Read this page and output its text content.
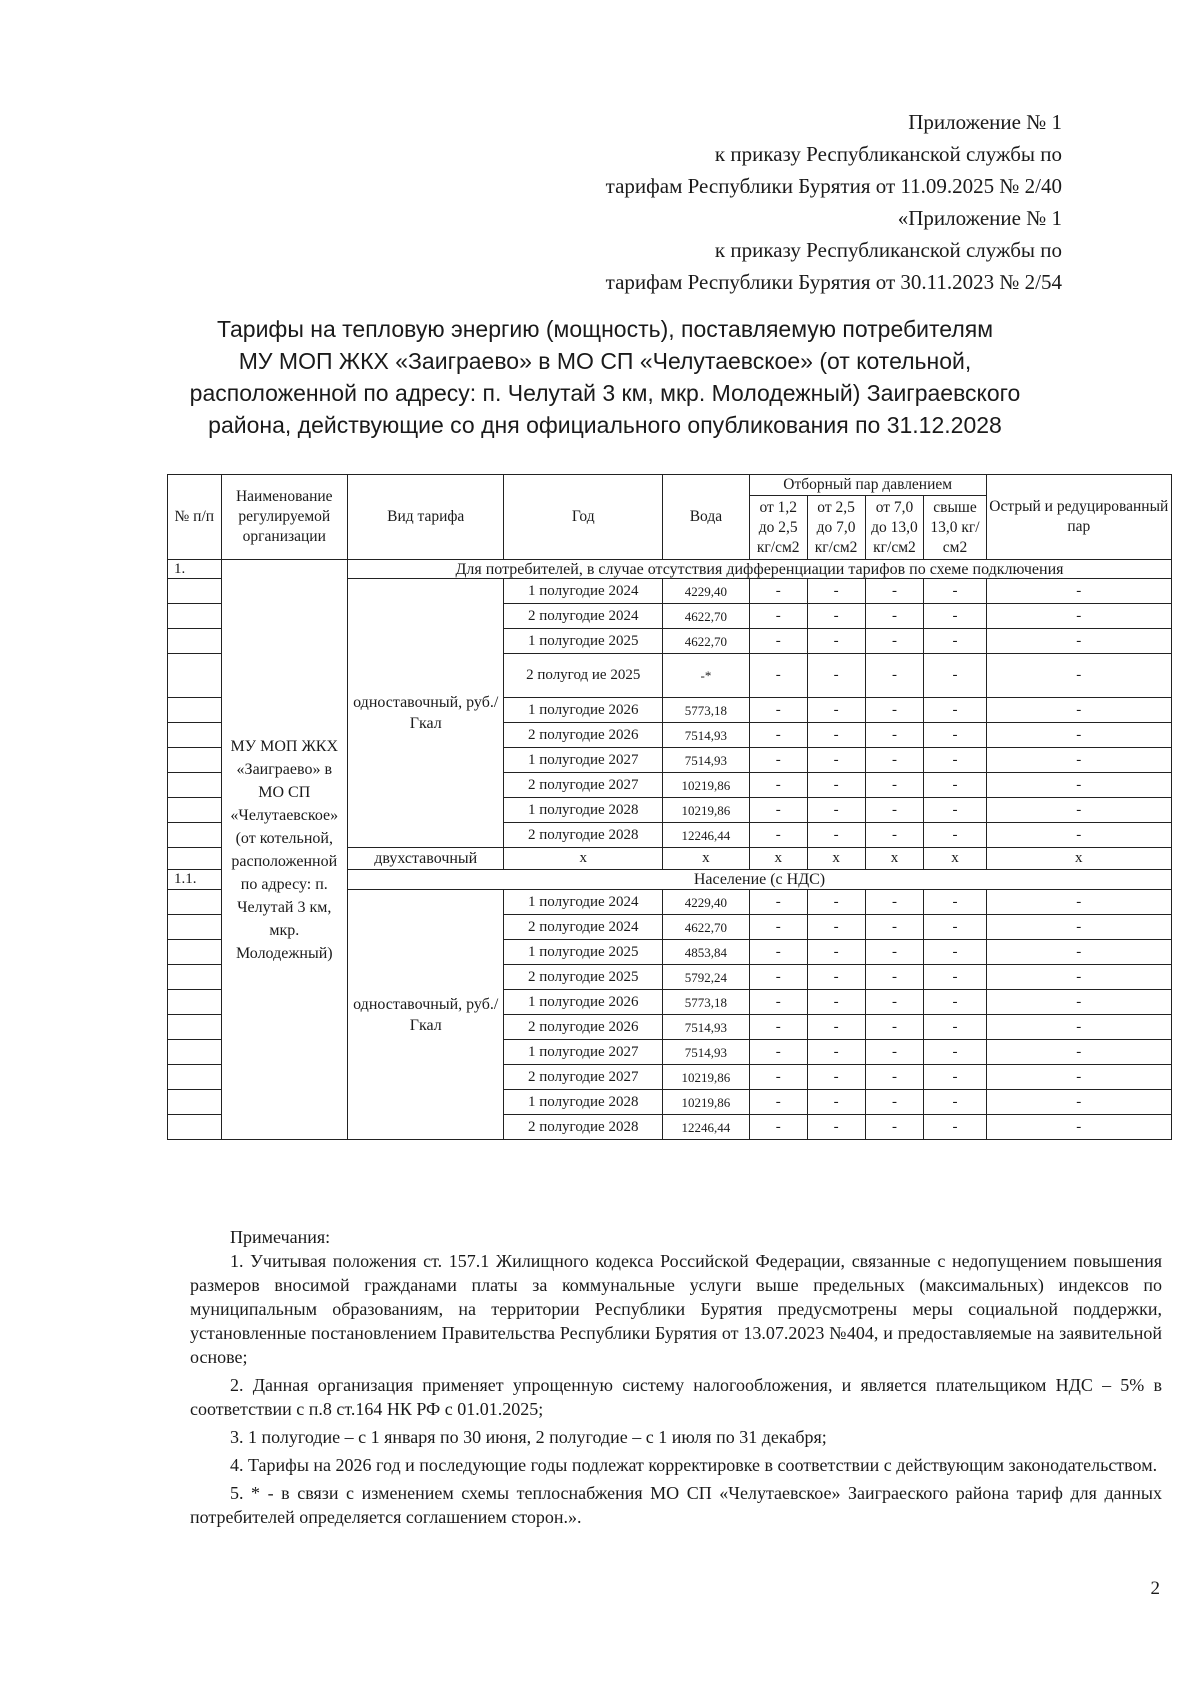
Приложение № 1
к приказу Республиканской службы по
тарифам Республики Бурятия от 11.09.2025 № 2/40
«Приложение № 1
к приказу Республиканской службы по
тарифам Республики Бурятия от 30.11.2023 № 2/54
Тарифы на тепловую энергию (мощность), поставляемую потребителям
МУ МОП ЖКХ «Заиграево» в МО СП «Челутаевское» (от котельной,
расположенной по адресу: п. Челутай 3 км, мкр. Молодежный) Заиграевского
района, действующие со дня официального опубликования по 31.12.2028
№ п/п	Наименование регулируемой организации	Вид тарифа	Год	Вода	Отборный пар давлением				Острый и редуцированный пар
					от 1,2 до 2,5 кг/см2	от 2,5 до 7,0 кг/см2	от 7,0 до 13,0 кг/см2	свыше 13,0 кг/см2	
1.	МУ МОП ЖКХ «Заиграево» в МО СП «Челутаевское» (от котельной, расположенной по адресу: п. Челутай 3 км, мкр. Молодежный)	Для потребителей, в случае отсутствия дифференциации тарифов по схеме подключения							
		одноставочный, руб./Гкал	1 полугодие 2024	4229,40	-	-	-	-	-
			2 полугодие 2024	4622,70	-	-	-	-	-
			1 полугодие 2025	4622,70	-	-	-	-	-
			2 полугод ие 2025	-*	-	-	-	-	-
			1 полугодие 2026	5773,18	-	-	-	-	-
			2 полугодие 2026	7514,93	-	-	-	-	-
			1 полугодие 2027	7514,93	-	-	-	-	-
			2 полугодие 2027	10219,86	-	-	-	-	-
			1 полугодие 2028	10219,86	-	-	-	-	-
			2 полугодие 2028	12246,44	-	-	-	-	-
		двухставочный	x	x	x	x	x	x	x
1.1.		Население (с НДС)							
		одноставочный, руб./Гкал	1 полугодие 2024	4229,40	-	-	-	-	-
			2 полугодие 2024	4622,70	-	-	-	-	-
			1 полугодие 2025	4853,84	-	-	-	-	-
			2 полугодие 2025	5792,24	-	-	-	-	-
			1 полугодие 2026	5773,18	-	-	-	-	-
			2 полугодие 2026	7514,93	-	-	-	-	-
			1 полугодие 2027	7514,93	-	-	-	-	-
			2 полугодие 2027	10219,86	-	-	-	-	-
			1 полугодие 2028	10219,86	-	-	-	-	-
			2 полугодие 2028	12246,44	-	-	-	-	-

Примечания:

1. Учитывая положения ст. 157.1 Жилищного кодекса Российской Федерации, связанные с недопущением повышения размеров вносимой гражданами платы за коммунальные услуги выше предельных (максимальных) индексов по муниципальным образованиям, на территории Республики Бурятия предусмотрены меры социальной поддержки, установленные постановлением Правительства Республики Бурятия от 13.07.2023 №404, и предоставляемые на заявительной основе;

2. Данная организация применяет упрощенную систему налогообложения, и является плательщиком НДС – 5% в соответствии с п.8 ст.164 НК РФ с 01.01.2025;

3. 1 полугодие – с 1 января по 30 июня, 2 полугодие – с 1 июля по 31 декабря;

4. Тарифы на 2026 год и последующие годы подлежат корректировке в соответствии с действующим законодательством.

5. * - в связи с изменением схемы теплоснабжения МО СП «Челутаевское» Заиграеского района тариф для данных потребителей определяется соглашением сторон.».

2
